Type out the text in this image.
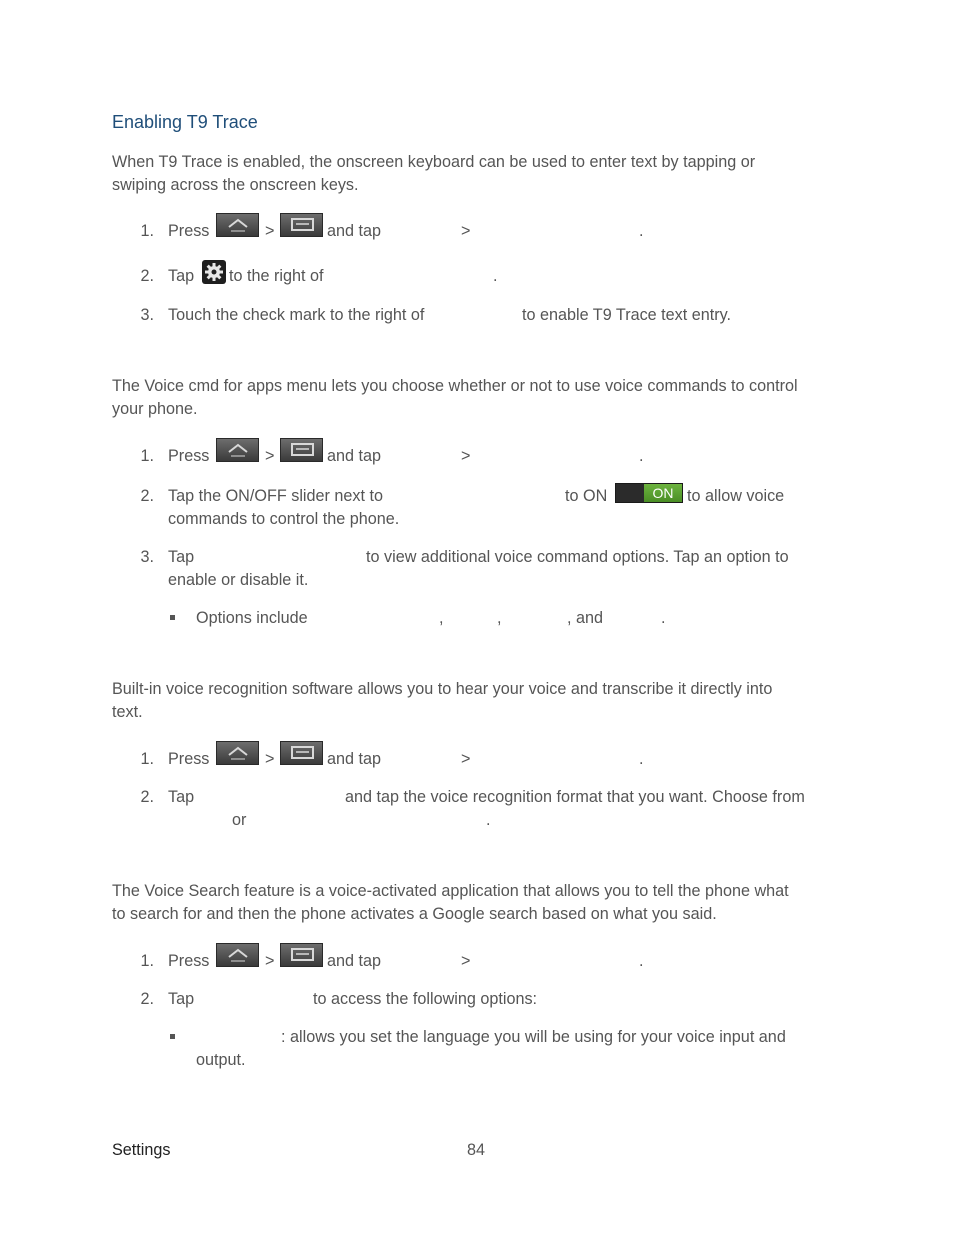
Enabling T9 Trace
When T9 Trace is enabled, the onscreen keyboard can be used to enter text by tapping or
swiping across the onscreen keys.
1. Press	>	and tap	>	.
2. Tap to the right of	.
3. Touch the check mark to the right of	to enable T9 Trace text entry.
The Voice cmd for apps menu lets you choose whether or not to use voice commands to control
your phone.
1. Press	>	and tap	>	.
2. Tap the ON/OFF slider next to	to ON	ON to allow voice
commands to control the phone.
3. Tap	to view additional voice command options. Tap an option to
enable or disable it.
Options include	,	,	, and	.
Built-in voice recognition software allows you to hear your voice and transcribe it directly into
text.
1. Press	>	and tap	>	.
2. Tap	and tap the voice recognition format that you want. Choose from
or	.
The Voice Search feature is a voice-activated application that allows you to tell the phone what
to search for and then the phone activates a Google search based on what you said.
1. Press	>	and tap	>	.
2. Tap	to access the following options:
: allows you set the language you will be using for your voice input and
output.
Settings	84
